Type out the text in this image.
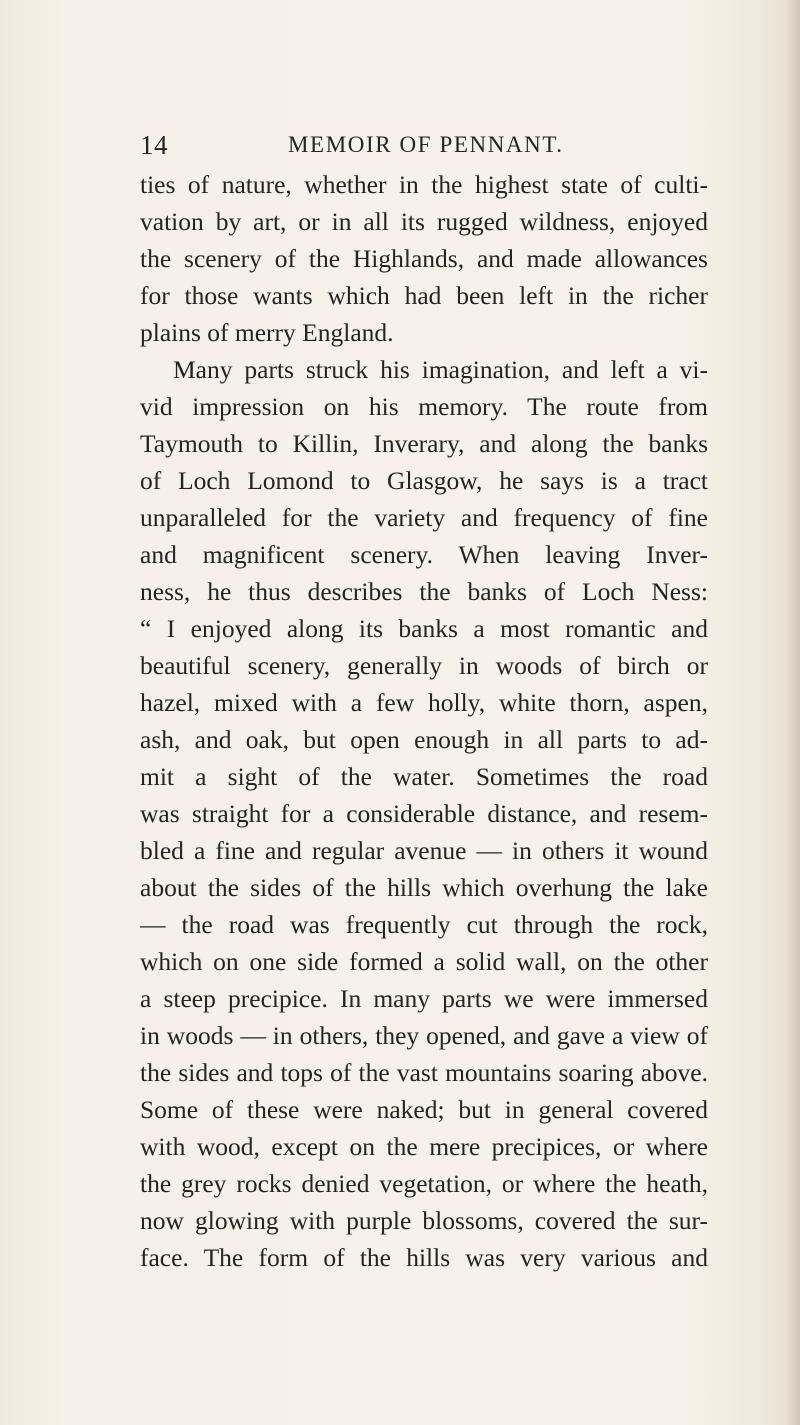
14	MEMOIR OF PENNANT.
ties of nature, whether in the highest state of culti-
vation by art, or in all its rugged wildness, enjoyed
the scenery of the Highlands, and made allowances
for those wants which had been left in the richer
plains of merry England.
Many parts struck his imagination, and left a vi-
vid impression on his memory. The route from
Taymouth to Killin, Inverary, and along the banks
of Loch Lomond to Glasgow, he says is a tract
unparalleled for the variety and frequency of fine
and magnificent scenery. When leaving Inver-
ness, he thus describes the banks of Loch Ness:
“ I enjoyed along its banks a most romantic and
beautiful scenery, generally in woods of birch or
hazel, mixed with a few holly, white thorn, aspen,
ash, and oak, but open enough in all parts to ad-
mit a sight of the water. Sometimes the road
was straight for a considerable distance, and resem-
bled a fine and regular avenue — in others it wound
about the sides of the hills which overhung the lake
— the road was frequently cut through the rock,
which on one side formed a solid wall, on the other
a steep precipice. In many parts we were immersed
in woods — in others, they opened, and gave a view of
the sides and tops of the vast mountains soaring above.
Some of these were naked; but in general covered
with wood, except on the mere precipices, or where
the grey rocks denied vegetation, or where the heath,
now glowing with purple blossoms, covered the sur-
face. The form of the hills was very various and
